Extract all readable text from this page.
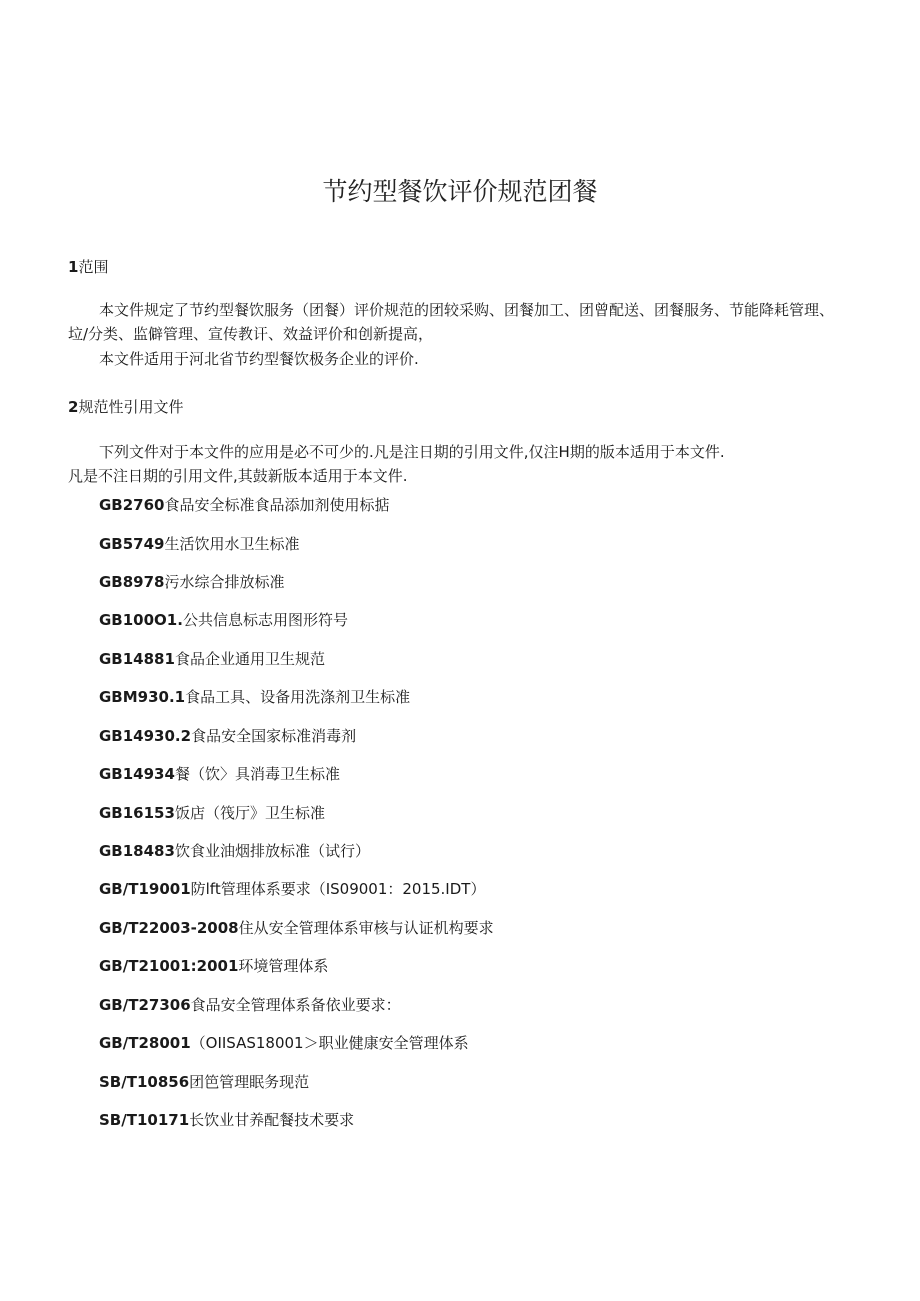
节约型餐饮评价规范团餐
1范围
本文件规定了节约型餐饮服务（团餐）评价规范的团较采购、团餐加工、团曾配送、团餐服务、节能降耗管理、垃/分类、监僻管理、宣传教讦、效益评价和创新提高，
本文件适用于河北省节约型餐饮极务企业的评价.
2规范性引用文件
下列文件对于本文件的应用是必不可少的.凡是注日期的引用文件,仅注H期的版本适用于本文件.
凡是不注日期的引用文件,其鼓新版本适用于本文件.
GB2760食品安全标准食品添加剂使用标掂
GB5749生活饮用水卫生标准
GB8978污水综合排放标准
GB100O1.公共信息标志用图形符号
GB14881食品企业通用卫生规范
GBM930.1食品工具、设备用洗涤剂卫生标准
GB14930.2食品安全国家标准消毒剂
GB14934餐（饮〉具消毒卫生标准
GB16153饭店（筏厅》卫生标准
GB18483饮食业油烟排放标准（试行）
GB/T19001防lft管理体系要求（IS09001：2015.IDT）
GB/T22003-2008住从安全管理体系审核与认证机构要求
GB/T21001:2001环境管理体系
GB/T27306食品安全管理体系备依业要求：
GB/T28001（OIISAS18001＞职业健康安全管理体系
SB/T10856团笆管理眠务现范
SB/T10171长饮业甘养配餐技术要求
